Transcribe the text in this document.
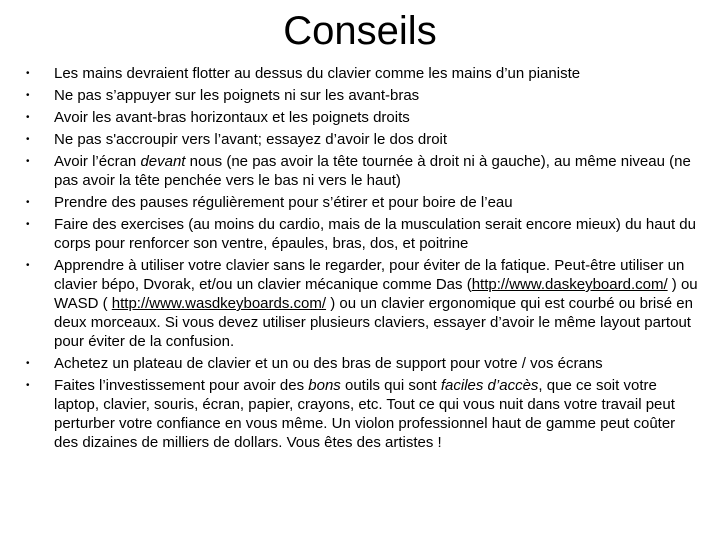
Conseils
•	Les mains devraient flotter au dessus du clavier comme les mains d’un pianiste
•	Ne pas s’appuyer sur les poignets ni sur les avant-bras
•	Avoir les avant-bras horizontaux et les poignets droits
•	Ne pas s'accroupir vers l’avant; essayez d’avoir le dos droit
•	Avoir l’écran devant nous (ne pas avoir la tête tournée à droit ni à gauche), au même niveau (ne pas avoir la tête penchée vers le bas ni vers le haut)
•	Prendre des pauses régulièrement pour s’étirer et pour boire de l’eau
•	Faire des exercises (au moins du cardio, mais de la musculation serait encore mieux) du haut du corps pour renforcer son ventre, épaules, bras, dos, et poitrine
•	Apprendre à utiliser votre clavier sans le regarder, pour éviter de la fatique. Peut-être utiliser un clavier bépo, Dvorak, et/ou un clavier mécanique comme Das (http://www.daskeyboard.com/ ) ou WASD ( http://www.wasdkeyboards.com/ ) ou un clavier ergonomique qui est courbé ou brisé en deux morceaux. Si vous devez utiliser plusieurs claviers, essayer d’avoir le même layout partout pour éviter de la confusion.
•	Achetez un plateau de clavier et un ou des bras de support pour votre / vos écrans
•	Faites l’investissement pour avoir des bons outils qui sont faciles d’accès, que ce soit votre laptop, clavier, souris, écran, papier, crayons, etc. Tout ce qui vous nuit dans votre travail peut perturber votre confiance en vous même. Un violon professionnel haut de gamme peut coûter des dizaines de milliers de dollars. Vous êtes des artistes !
